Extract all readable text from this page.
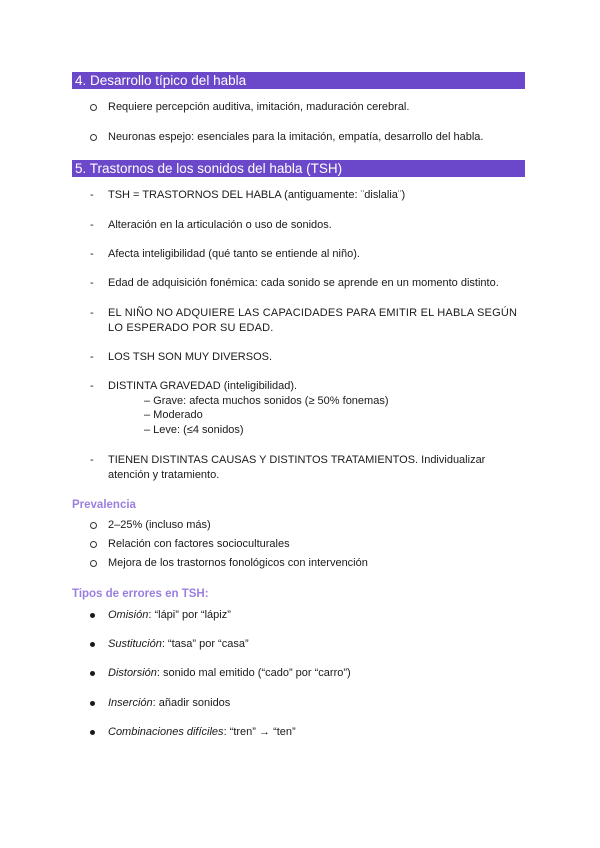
4. Desarrollo típico del habla
Requiere percepción auditiva, imitación, maduración cerebral.
Neuronas espejo: esenciales para la imitación, empatía, desarrollo del habla.
5. Trastornos de los sonidos del habla (TSH)
- TSH = TRASTORNOS DEL HABLA (antiguamente: ¨dislalia¨)
- Alteración en la articulación o uso de sonidos.
- Afecta inteligibilidad (qué tanto se entiende al niño).
- Edad de adquisición fonémica: cada sonido se aprende en un momento distinto.
- EL NIÑO NO ADQUIERE LAS CAPACIDADES PARA EMITIR EL HABLA SEGÚN
LO ESPERADO POR SU EDAD.
- LOS TSH SON MUY DIVERSOS.
- DISTINTA GRAVEDAD (inteligibilidad).
– Grave: afecta muchos sonidos (≥ 50% fonemas)
– Moderado
– Leve: (≤4 sonidos)
- TIENEN DISTINTAS CAUSAS Y DISTINTOS TRATAMIENTOS. Individualizar
atención y tratamiento.
Prevalencia
2–25% (incluso más)
Relación con factores socioculturales
Mejora de los trastornos fonológicos con intervención
Tipos de errores en TSH:
Omisión: “lápi” por “lápiz”
Sustitución: “tasa” por “casa”
Distorsión: sonido mal emitido (“cado” por “carro”)
Inserción: añadir sonidos
Combinaciones difíciles: “tren” → “ten”
